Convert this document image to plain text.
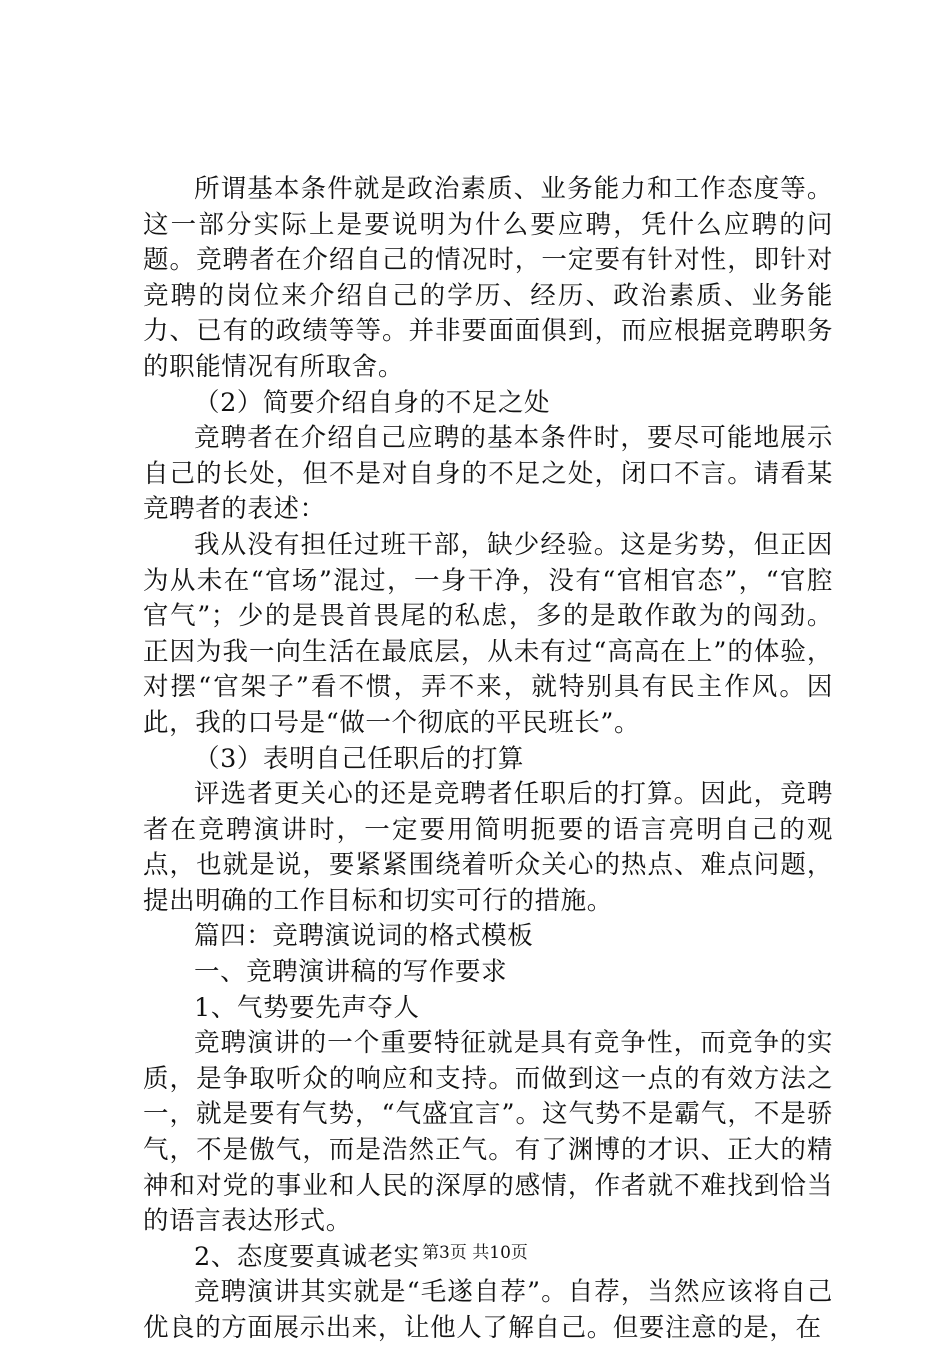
所谓基本条件就是政治素质、业务能力和工作态度等。这一部分实际上是要说明为什么要应聘，凭什么应聘的问题。竞聘者在介绍自己的情况时，一定要有针对性，即针对竞聘的岗位来介绍自己的学历、经历、政治素质、业务能力、已有的政绩等等。并非要面面俱到，而应根据竞聘职务的职能情况有所取舍。

（2）简要介绍自身的不足之处

竞聘者在介绍自己应聘的基本条件时，要尽可能地展示自己的长处，但不是对自身的不足之处，闭口不言。请看某竞聘者的表述：

我从没有担任过班干部，缺少经验。这是劣势，但正因为从未在“官场”混过，一身干净，没有“官相官态”，“官腔官气”；少的是畏首畏尾的私虑，多的是敢作敢为的闯劲。正因为我一向生活在最底层，从未有过“高高在上”的体验，对摆“官架子”看不惯，弄不来，就特别具有民主作风。因此，我的口号是“做一个彻底的平民班长”。

（3）表明自己任职后的打算

评选者更关心的还是竞聘者任职后的打算。因此，竞聘者在竞聘演讲时，一定要用简明扼要的语言亮明自己的观点，也就是说，要紧紧围绕着听众关心的热点、难点问题，提出明确的工作目标和切实可行的措施。

篇四：竞聘演说词的格式模板

一、竞聘演讲稿的写作要求

1、气势要先声夺人

竞聘演讲的一个重要特征就是具有竞争性，而竞争的实质，是争取听众的响应和支持。而做到这一点的有效方法之一，就是要有气势，“气盛宜言”。这气势不是霸气，不是骄气，不是傲气，而是浩然正气。有了渊博的才识、正大的精神和对党的事业和人民的深厚的感情，作者就不难找到恰当的语言表达形式。

2、态度要真诚老实

竞聘演讲其实就是“毛遂自荐”。自荐，当然应该将自己优良的方面展示出来，让他人了解自己。但要注意的是，在

第3页 共10页
